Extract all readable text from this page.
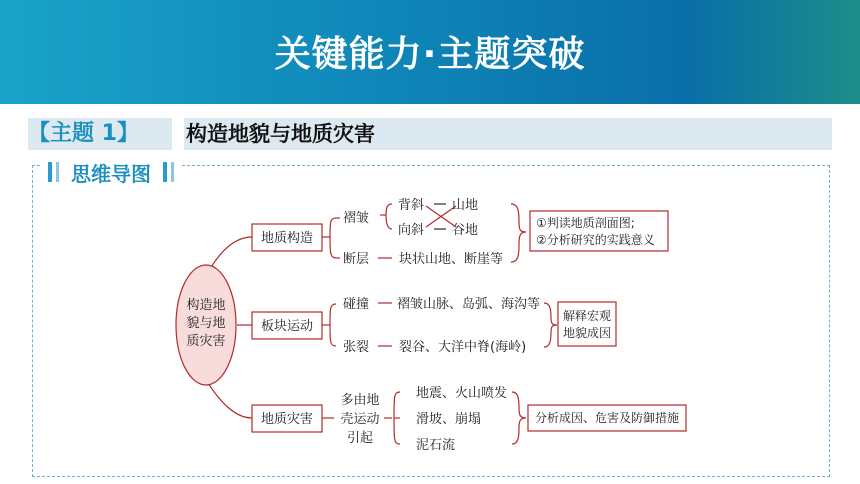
关键能力·主题突破
【主题 1】	构造地貌与地质灾害
思维导图
构造地
貌与地
质灾害
地质构造
板块运动
地质灾害
褶皱
断层
背斜
向斜
山地
谷地
块状山地、断崖等
①判读地质剖面图;
②分析研究的实践意义
碰撞
张裂
褶皱山脉、岛弧、海沟等
裂谷、大洋中脊(海岭)
解释宏观
地貌成因
多由地
壳运动
引起
地震、火山喷发
滑坡、崩塌
泥石流
分析成因、危害及防御措施
